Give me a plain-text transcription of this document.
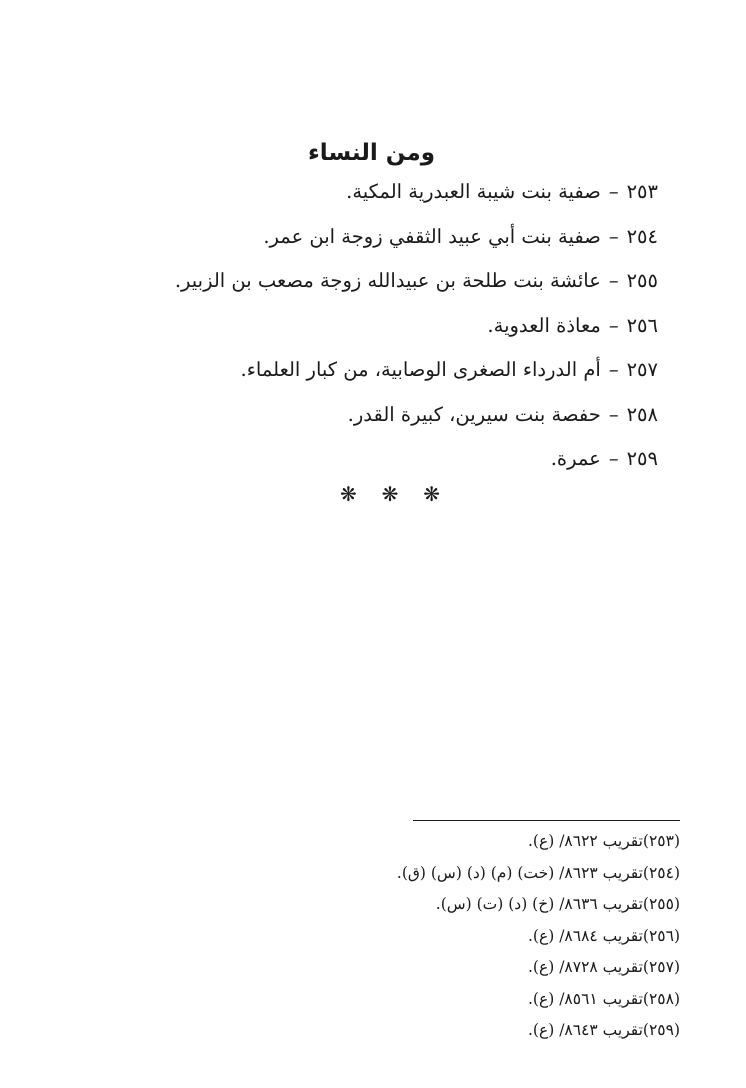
ومن النساء
٢٥٣–صفية بنت شيبة العبدرية المكية.
٢٥٤–صفية بنت أبي عبيد الثقفي زوجة ابن عمر.
٢٥٥–عائشة بنت طلحة بن عبيدالله زوجة مصعب بن الزبير.
٢٥٦–معاذة العدوية.
٢٥٧–أم الدرداء الصغرى الوصابية، من كبار العلماء.
٢٥٨–حفصة بنت سيرين، كبيرة القدر.
٢٥٩–عمرة.
❋ ❋ ❋
(٢٥٣)تقريب ٨٦٢٢/ (ع).
(٢٥٤)تقريب ٨٦٢٣/ (خت) (م) (د) (س) (ق).
(٢٥٥)تقريب ٨٦٣٦/ (خ) (د) (ت) (س).
(٢٥٦)تقريب ٨٦٨٤/ (ع).
(٢٥٧)تقريب ٨٧٢٨/ (ع).
(٢٥٨)تقريب ٨٥٦١/ (ع).
(٢٥٩)تقريب ٨٦٤٣/ (ع).
